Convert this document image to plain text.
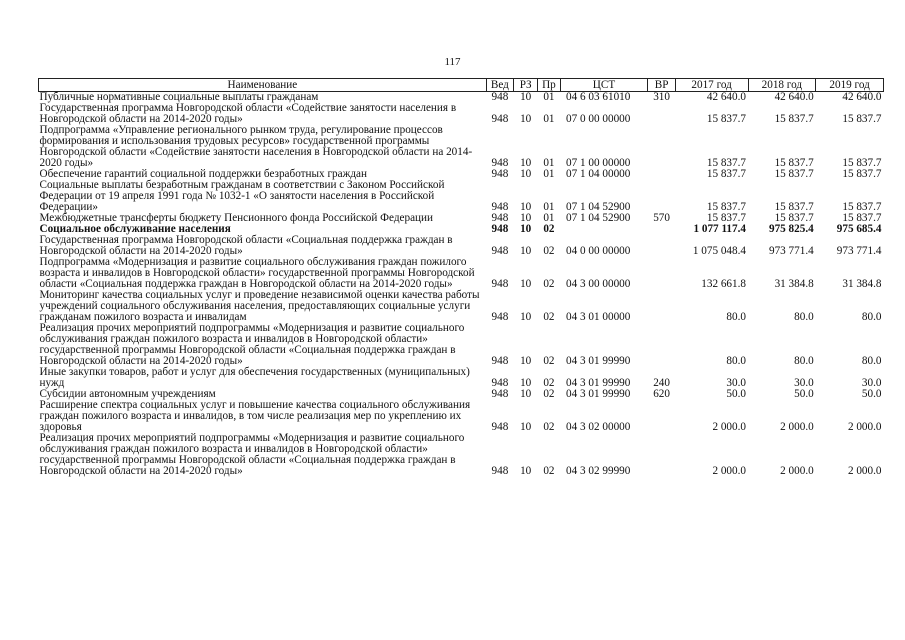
117
Наименование	Вед	РЗ	Пр	ЦСТ	ВР	2017 год	2018 год	2019 год
Публичные нормативные социальные выплаты гражданам	948	10	01	04 6 03 61010	310	42 640.0	42 640.0	42 640.0
Государственная программа Новгородской области «Содействие занятости населения в Новгородской области на 2014-2020 годы»	948	10	01	07 0 00 00000		15 837.7	15 837.7	15 837.7
Подпрограмма «Управление регионального рынком труда, регулирование процессов формирования и использования трудовых ресурсов» государственной программы Новгородской области «Содействие занятости населения в Новгородской области на 2014-2020 годы»	948	10	01	07 1 00 00000		15 837.7	15 837.7	15 837.7
Обеспечение гарантий социальной поддержки безработных граждан	948	10	01	07 1 04 00000		15 837.7	15 837.7	15 837.7
Социальные выплаты безработным гражданам в соответствии с Законом Российской Федерации от 19 апреля 1991 года № 1032-1 «О занятости населения в Российской Федерации»	948	10	01	07 1 04 52900		15 837.7	15 837.7	15 837.7
Межбюджетные трансферты бюджету Пенсионного фонда Российской Федерации	948	10	01	07 1 04 52900	570	15 837.7	15 837.7	15 837.7
Социальное обслуживание населения	948	10	02			1 077 117.4	975 825.4	975 685.4
Государственная программа Новгородской области «Социальная поддержка граждан в Новгородской области на 2014-2020 годы»	948	10	02	04 0 00 00000		1 075 048.4	973 771.4	973 771.4
Подпрограмма «Модернизация и развитие социального обслуживания граждан пожилого возраста и инвалидов в Новгородской области» государственной программы Новгородской области «Социальная поддержка граждан в Новгородской области на 2014-2020 годы»	948	10	02	04 3 00 00000		132 661.8	31 384.8	31 384.8
Мониторинг качества социальных услуг и проведение независимой оценки качества работы учреждений социального обслуживания населения, предоставляющих социальные услуги гражданам пожилого возраста и инвалидам	948	10	02	04 3 01 00000		80.0	80.0	80.0
Реализация прочих мероприятий подпрограммы «Модернизация и развитие социального обслуживания граждан пожилого возраста и инвалидов в Новгородской области» государственной программы Новгородской области «Социальная поддержка граждан в Новгородской области на 2014-2020 годы»	948	10	02	04 3 01 99990		80.0	80.0	80.0
Иные закупки товаров, работ и услуг для обеспечения государственных (муниципальных) нужд	948	10	02	04 3 01 99990	240	30.0	30.0	30.0
Субсидии автономным учреждениям	948	10	02	04 3 01 99990	620	50.0	50.0	50.0
Расширение спектра социальных услуг и повышение качества социального обслуживания граждан пожилого возраста и инвалидов, в том числе реализация мер по укреплению их здоровья	948	10	02	04 3 02 00000		2 000.0	2 000.0	2 000.0
Реализация прочих мероприятий подпрограммы «Модернизация и развитие социального обслуживания граждан пожилого возраста и инвалидов в Новгородской области» государственной программы Новгородской области «Социальная поддержка граждан в Новгородской области на 2014-2020 годы»	948	10	02	04 3 02 99990		2 000.0	2 000.0	2 000.0
